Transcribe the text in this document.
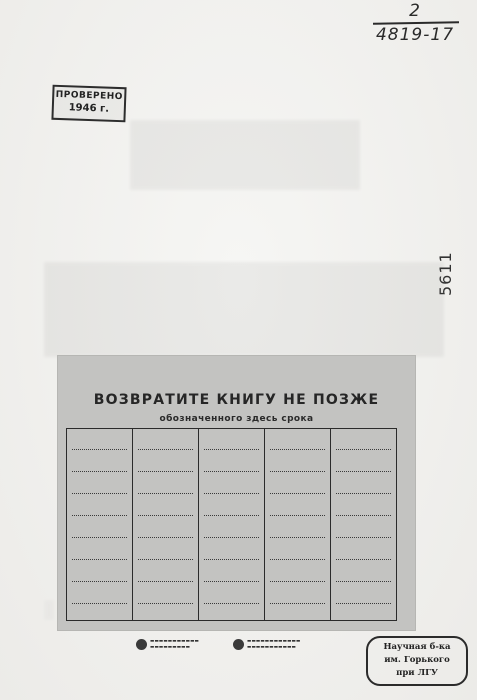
2
4819-17
ПРОВЕРЕНО
1946 г.
5611
ВОЗВРАТИТЕ КНИГУ НЕ ПОЗЖЕ
обозначенного здесь срока
▬▬▬▬▬▬▬▬▬▬▬
▬▬▬▬▬▬▬▬▬
▬▬▬▬▬▬▬▬▬▬▬▬
▬▬▬▬▬▬▬▬▬▬▬	Научная б-ка
им. Горького
при ЛГУ
